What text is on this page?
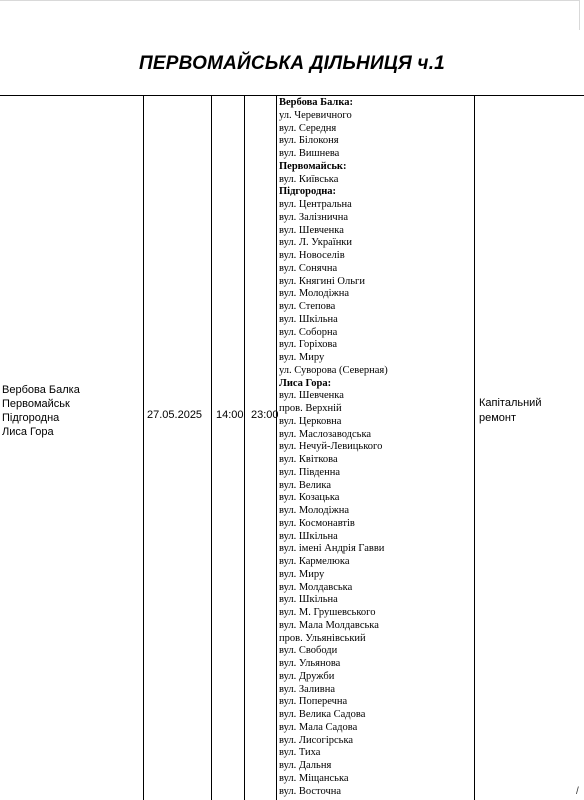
ПЕРВОМАЙСЬКА ДІЛЬНИЦЯ ч.1
Вербова Балка
Первомайськ
Підгородна
Лиса Гора
27.05.2025 14:00 23:00
Вербова Балка:
ул. Черевичного
вул. Середня
вул. Білоконя
вул. Вишнева
Первомайськ:
вул. Київська
Підгородна:
вул. Центральна
вул. Залізнична
вул. Шевченка
вул. Л. Українки
вул. Новоселів
вул. Сонячна
вул. Княгині Ольги
вул. Молодіжна
вул. Степова
вул. Шкільна
вул. Соборна
вул. Горіхова
вул. Миру
ул. Суворова (Северная)
Лиса Гора:
вул. Шевченка
пров. Верхній
вул. Церковна
вул. Маслозаводська
вул. Нечуй-Левицького
вул. Квіткова
вул. Південна
вул. Велика
вул. Козацька
вул. Молодіжна
вул. Космонавтів
вул. Шкільна
вул. імені Андрія Гавви
вул. Кармелюка
вул. Миру
вул. Молдавська
вул. Шкільна
вул. М. Грушевського
вул. Мала Молдавська
пров. Ульянівський
вул. Свободи
вул. Ульянова
вул. Дружби
вул. Заливна
вул. Поперечна
вул. Велика Садова
вул. Мала Садова
вул. Лисогірська
вул. Тиха
вул. Дальня
вул. Міщанська
вул. Восточна
Капітальний
ремонт
/
